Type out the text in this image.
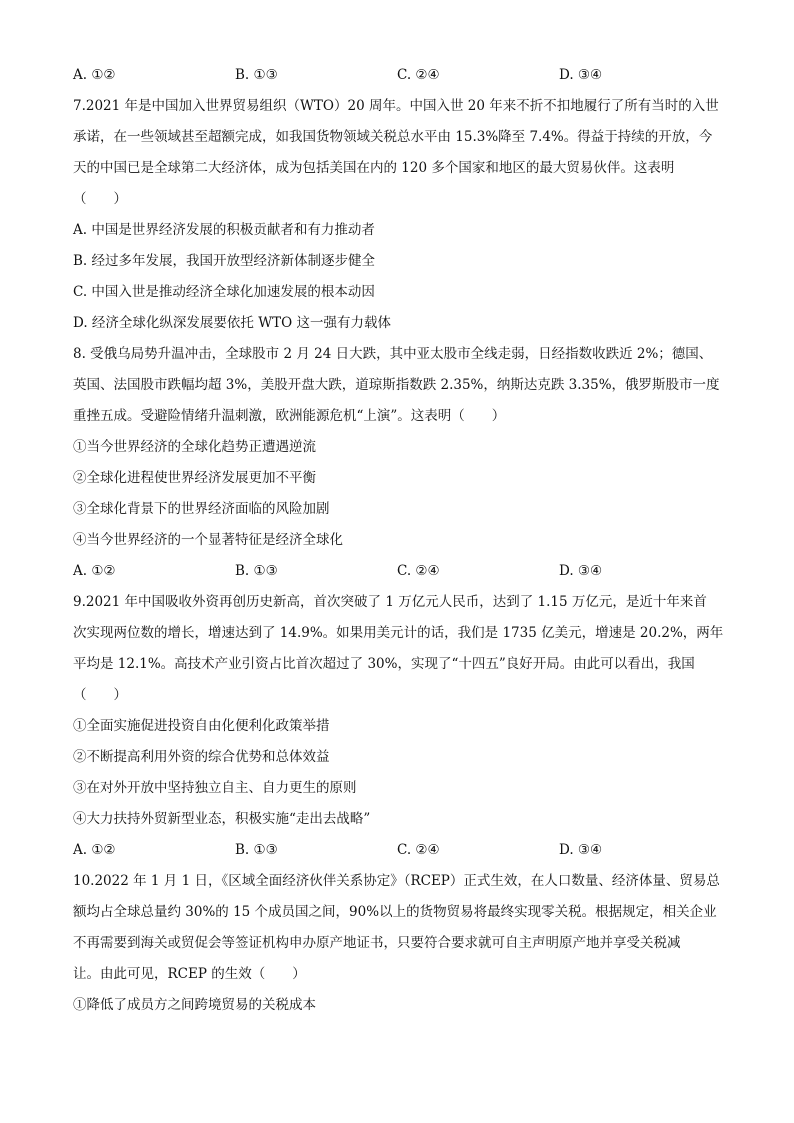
A. ①②	B. ①③	C. ②④	D. ③④
7.2021 年是中国加入世界贸易组织（WTO）20 周年。中国入世 20 年来不折不扣地履行了所有当时的入世
承诺，在一些领域甚至超额完成，如我国货物领域关税总水平由 15.3%降至 7.4%。得益于持续的开放，今
天的中国已是全球第二大经济体，成为包括美国在内的 120 多个国家和地区的最大贸易伙伴。这表明
（　　）
A. 中国是世界经济发展的积极贡献者和有力推动者
B. 经过多年发展，我国开放型经济新体制逐步健全
C. 中国入世是推动经济全球化加速发展的根本动因
D. 经济全球化纵深发展要依托 WTO 这一强有力载体
8. 受俄乌局势升温冲击，全球股市 2 月 24 日大跌，其中亚太股市全线走弱，日经指数收跌近 2%；德国、
英国、法国股市跌幅均超 3%，美股开盘大跌，道琼斯指数跌 2.35%，纳斯达克跌 3.35%，俄罗斯股市一度
重挫五成。受避险情绪升温刺激，欧洲能源危机“上演”。这表明（　　）
①当今世界经济的全球化趋势正遭遇逆流
②全球化进程使世界经济发展更加不平衡
③全球化背景下的世界经济面临的风险加剧
④当今世界经济的一个显著特征是经济全球化
A. ①②	B. ①③	C. ②④	D. ③④
9.2021 年中国吸收外资再创历史新高，首次突破了 1 万亿元人民币，达到了 1.15 万亿元，是近十年来首
次实现两位数的增长，增速达到了 14.9%。如果用美元计的话，我们是 1735 亿美元，增速是 20.2%，两年
平均是 12.1%。高技术产业引资占比首次超过了 30%，实现了“十四五”良好开局。由此可以看出，我国
（　　）
①全面实施促进投资自由化便利化政策举措
②不断提高利用外资的综合优势和总体效益
③在对外开放中坚持独立自主、自力更生的原则
④大力扶持外贸新型业态，积极实施“走出去战略”
A. ①②	B. ①③	C. ②④	D. ③④
10.2022 年 1 月 1 日，《区域全面经济伙伴关系协定》（RCEP）正式生效，在人口数量、经济体量、贸易总
额均占全球总量约 30%的 15 个成员国之间，90%以上的货物贸易将最终实现零关税。根据规定，相关企业
不再需要到海关或贸促会等签证机构申办原产地证书，只要符合要求就可自主声明原产地并享受关税减
让。由此可见，RCEP 的生效（　　）
①降低了成员方之间跨境贸易的关税成本
